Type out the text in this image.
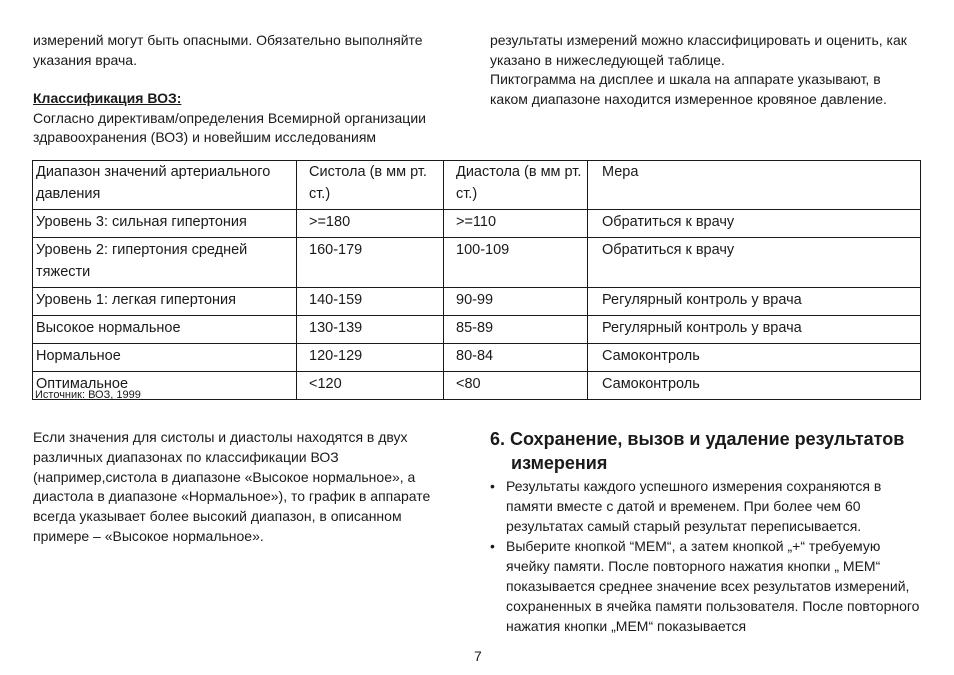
измерений могут быть опасными. Обязательно выполняйте указания врача.

Классификация ВОЗ:

Согласно директивам/определения Всемирной организации здравоохранения (ВОЗ) и новейшим исследованиям

результаты измерений можно классифицировать и оценить, как указано в нижеследующей таблице.

Пиктограмма на дисплее и шкала на аппарате указывают, в каком диапазоне находится измеренное кровяное давление.

Диапазон значений артериального давления	Систола (в мм рт. ст.)	Диастола (в мм рт. ст.)	Мера
Уровень 3: сильная гипертония	>=180	>=110	Обратиться к врачу
Уровень 2: гипертония средней тяжести	160-179	100-109	Обратиться к врачу
Уровень 1: легкая гипертония	140-159	90-99	Регулярный контроль у врача
Высокое нормальное	130-139	85-89	Регулярный контроль у врача
Нормальное	120-129	80-84	Самоконтроль
Оптимальное	<120	<80	Самоконтроль
Источник: ВОЗ, 1999
Если значения для систолы и диастолы находятся в двух различных диапазонах по классификации ВОЗ (например,систола в диапазоне «Высокое нормальное», а диастола в диапазоне «Нормальное»), то график в аппарате всегда указывает более высокий диапазон, в описанном примере – «Высокое нормальное».
6. Сохранение, вызов и удаление результатов
измерения
• Результаты каждого успешного измерения сохраняются в памяти вместе с датой и временем. При более чем 60 результатах самый старый результат переписывается.
• Выберите кнопкой “MEM“, а затем кнопкой „+“ требуемую ячейку памяти. После повторного нажатия кнопки „ MEM“ показывается среднее значение всех результатов измерений, сохраненных в ячейка памяти пользователя. После повторного нажатия кнопки „MEM“ показывается
7
